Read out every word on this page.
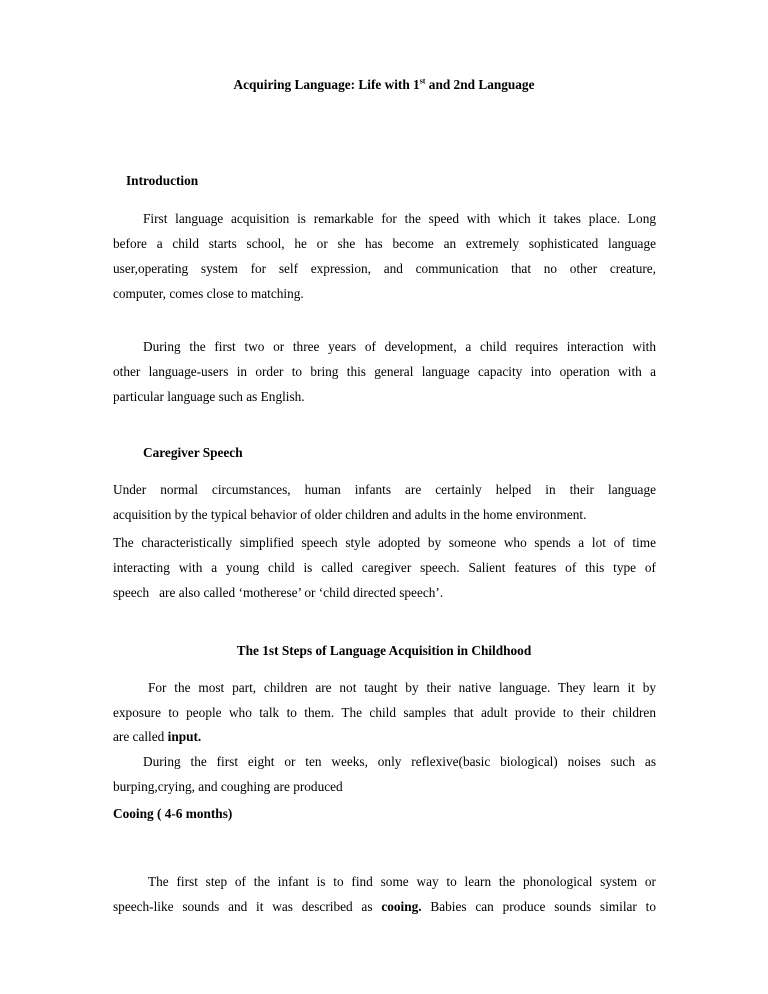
Acquiring Language: Life with 1st and 2nd Language
Introduction
First language acquisition is remarkable for the speed with which it takes place. Long
before a child starts school, he or she has become an extremely sophisticated language
user,operating system for self expression, and communication that no other creature,
computer, comes close to matching.
During the first two or three years of development, a child requires interaction with
other language-users in order to bring this general language capacity into operation with a
particular language such as English.
Caregiver Speech
Under normal circumstances, human infants are certainly helped in their language
acquisition by the typical behavior of older children and adults in the home environment.
The characteristically simplified speech style adopted by someone who spends a lot of time
interacting with a young child is called caregiver speech. Salient features of this type of
speech   are also called ‘motherese’ or ‘child directed speech’.
The 1st Steps of Language Acquisition in Childhood
For the most part, children are not taught by their native language. They learn it by
exposure to people who talk to them. The child samples that adult provide to their children
are called input.
During the first eight or ten weeks, only reflexive(basic biological) noises such as
burping,crying, and coughing are produced
Cooing ( 4-6 months)
The first step of the infant is to find some way to learn the phonological system or
speech-like sounds and it was described as cooing. Babies can produce sounds similar to
